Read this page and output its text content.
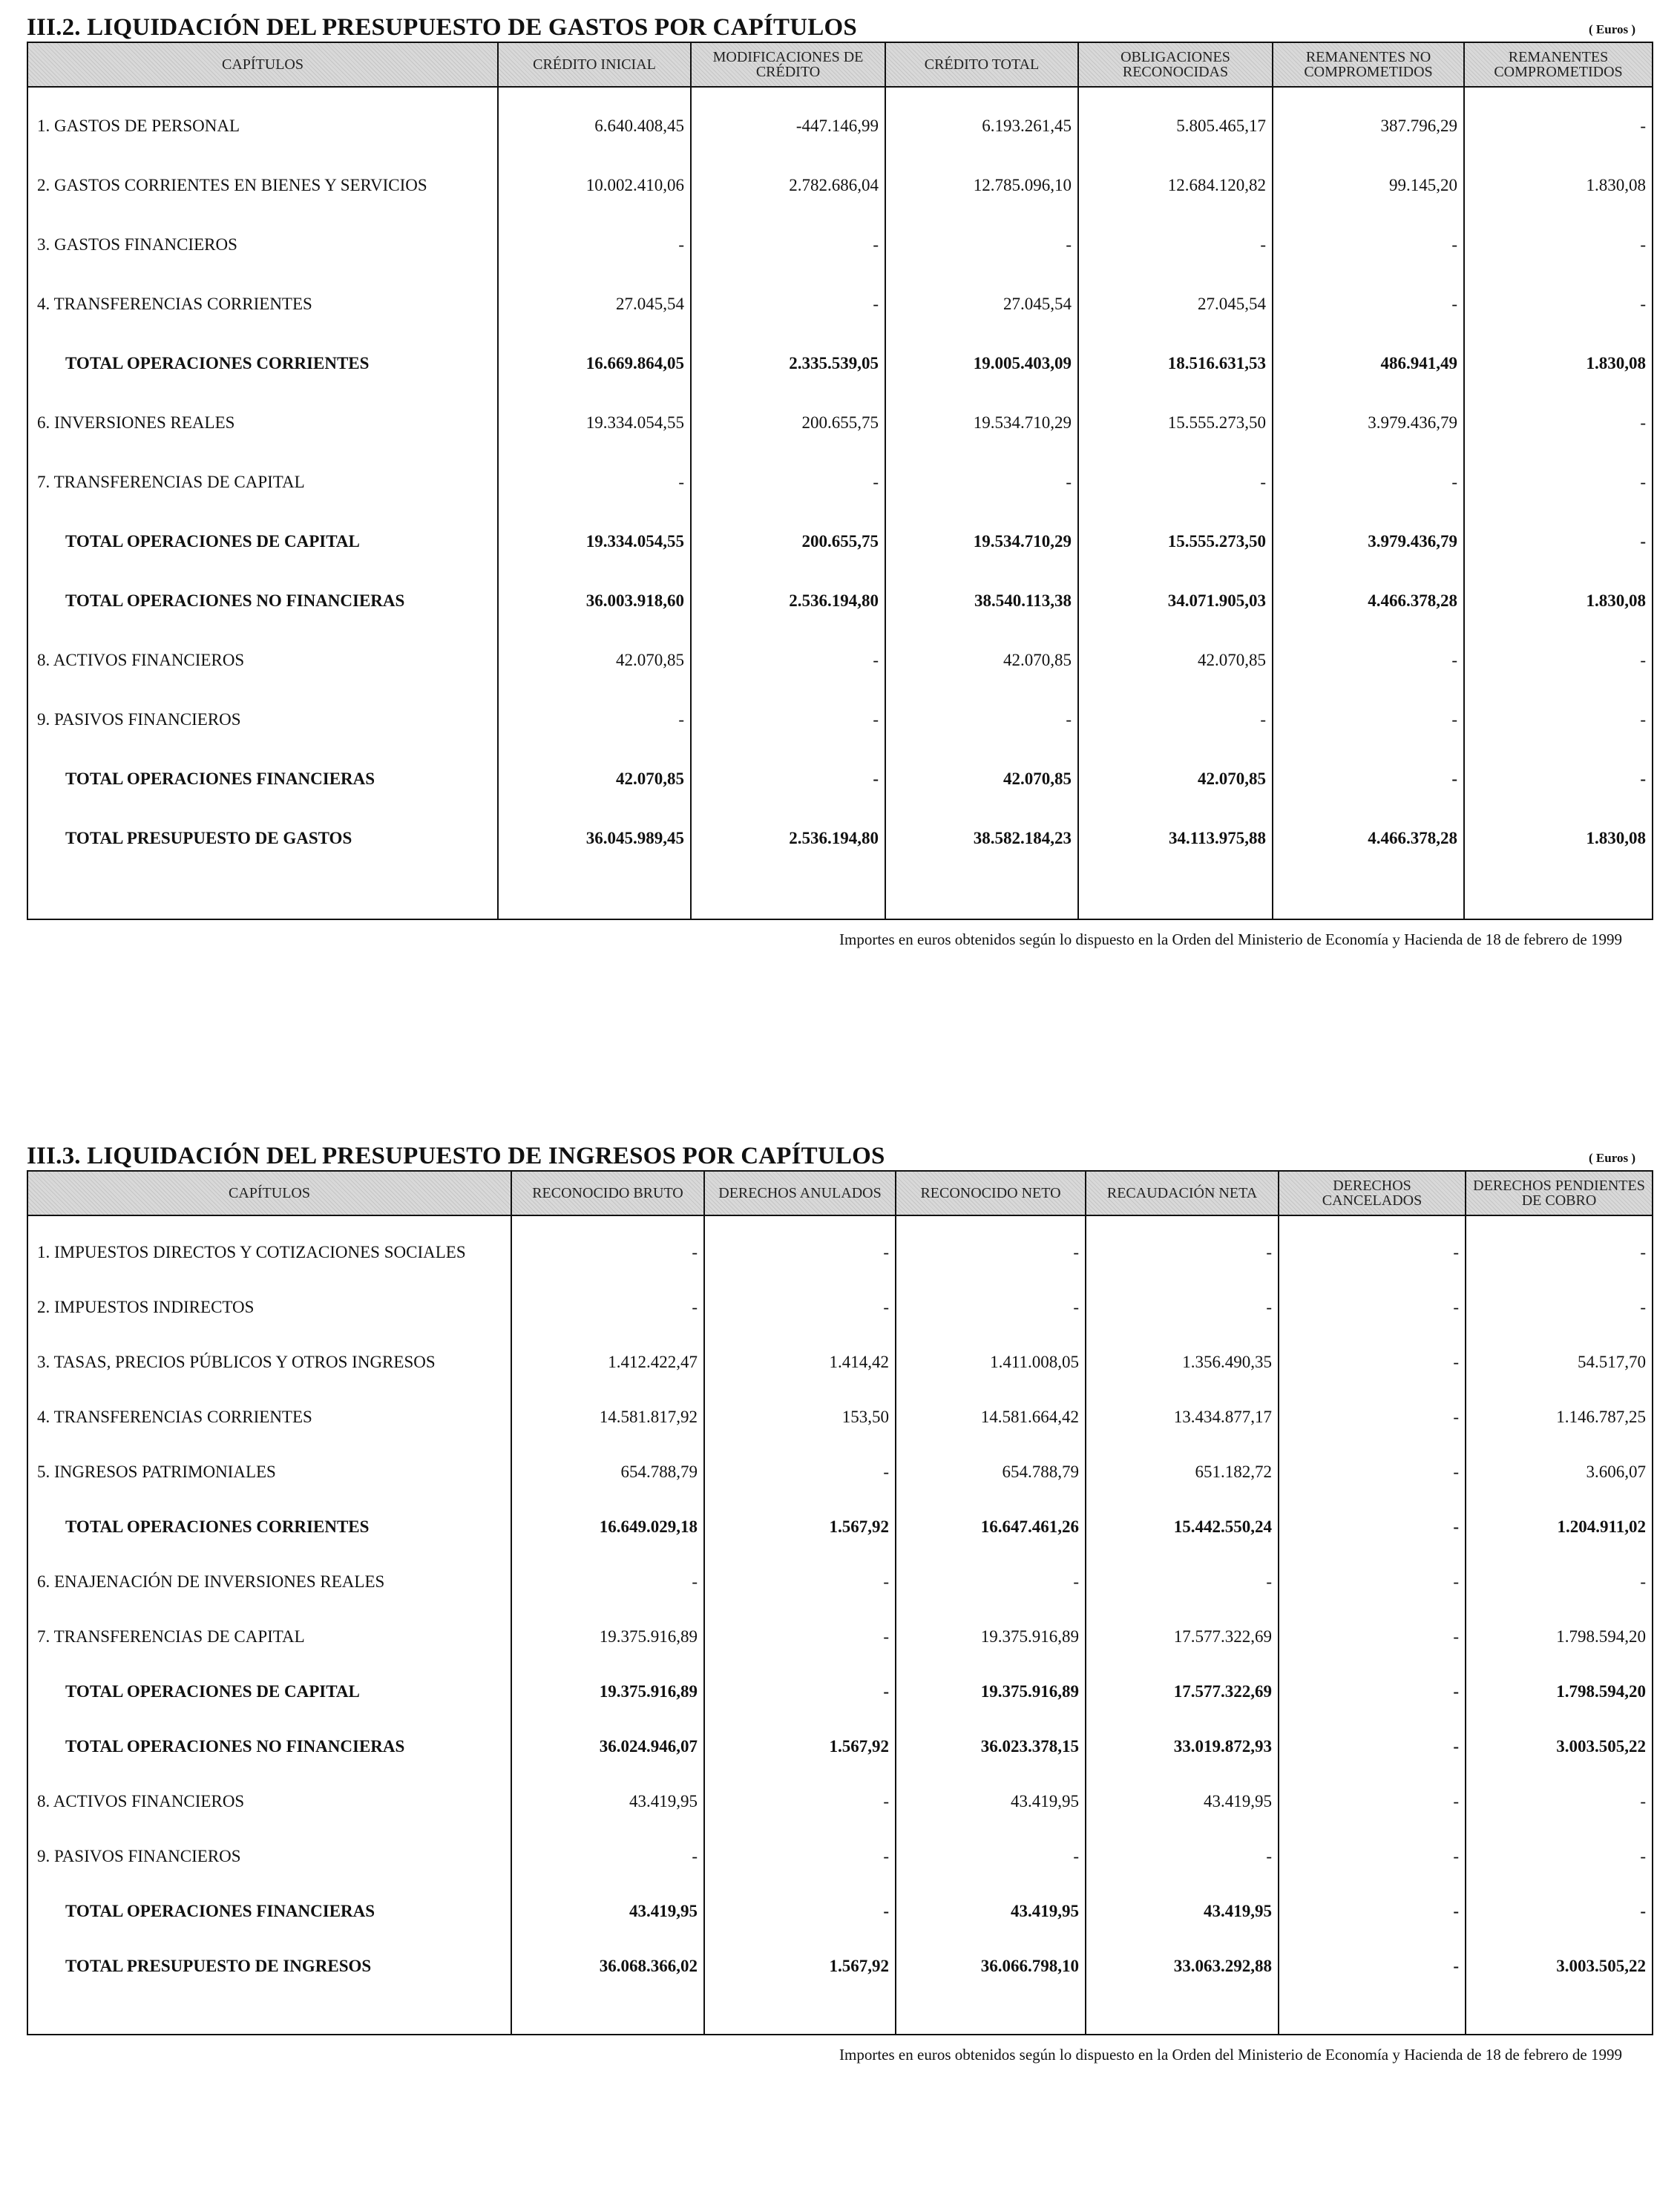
III.2. LIQUIDACIÓN DEL PRESUPUESTO DE GASTOS POR CAPÍTULOS	( Euros )
CAPÍTULOS	CRÉDITO INICIAL	MODIFICACIONES DE CRÉDITO	CRÉDITO TOTAL	OBLIGACIONES RECONOCIDAS	REMANENTES NO COMPROMETIDOS	REMANENTES COMPROMETIDOS

1. GASTOS DE PERSONAL	6.640.408,45	-447.146,99	6.193.261,45	5.805.465,17	387.796,29	-
2. GASTOS CORRIENTES EN BIENES Y SERVICIOS	10.002.410,06	2.782.686,04	12.785.096,10	12.684.120,82	99.145,20	1.830,08
3. GASTOS FINANCIEROS	-	-	-	-	-	-
4. TRANSFERENCIAS CORRIENTES	27.045,54	-	27.045,54	27.045,54	-	-
TOTAL OPERACIONES CORRIENTES	16.669.864,05	2.335.539,05	19.005.403,09	18.516.631,53	486.941,49	1.830,08
6. INVERSIONES REALES	19.334.054,55	200.655,75	19.534.710,29	15.555.273,50	3.979.436,79	-
7. TRANSFERENCIAS DE CAPITAL	-	-	-	-	-	-
TOTAL OPERACIONES DE CAPITAL	19.334.054,55	200.655,75	19.534.710,29	15.555.273,50	3.979.436,79	-
TOTAL OPERACIONES NO FINANCIERAS	36.003.918,60	2.536.194,80	38.540.113,38	34.071.905,03	4.466.378,28	1.830,08
8. ACTIVOS FINANCIEROS	42.070,85	-	42.070,85	42.070,85	-	-
9. PASIVOS FINANCIEROS	-	-	-	-	-	-
TOTAL OPERACIONES FINANCIERAS	42.070,85	-	42.070,85	42.070,85	-	-
TOTAL PRESUPUESTO DE GASTOS	36.045.989,45	2.536.194,80	38.582.184,23	34.113.975,88	4.466.378,28	1.830,08

Importes en euros obtenidos según lo dispuesto en la Orden del Ministerio de Economía y Hacienda de 18 de febrero de 1999
III.3. LIQUIDACIÓN DEL PRESUPUESTO DE INGRESOS POR CAPÍTULOS	( Euros )
CAPÍTULOS	RECONOCIDO BRUTO	DERECHOS ANULADOS	RECONOCIDO NETO	RECAUDACIÓN NETA	DERECHOS CANCELADOS	DERECHOS PENDIENTES DE COBRO

1. IMPUESTOS DIRECTOS Y COTIZACIONES SOCIALES	-	-	-	-	-	-
2. IMPUESTOS INDIRECTOS	-	-	-	-	-	-
3. TASAS, PRECIOS PÚBLICOS Y OTROS INGRESOS	1.412.422,47	1.414,42	1.411.008,05	1.356.490,35	-	54.517,70
4. TRANSFERENCIAS CORRIENTES	14.581.817,92	153,50	14.581.664,42	13.434.877,17	-	1.146.787,25
5. INGRESOS PATRIMONIALES	654.788,79	-	654.788,79	651.182,72	-	3.606,07
TOTAL OPERACIONES CORRIENTES	16.649.029,18	1.567,92	16.647.461,26	15.442.550,24	-	1.204.911,02
6. ENAJENACIÓN DE INVERSIONES REALES	-	-	-	-	-	-
7. TRANSFERENCIAS DE CAPITAL	19.375.916,89	-	19.375.916,89	17.577.322,69	-	1.798.594,20
TOTAL OPERACIONES DE CAPITAL	19.375.916,89	-	19.375.916,89	17.577.322,69	-	1.798.594,20
TOTAL OPERACIONES NO FINANCIERAS	36.024.946,07	1.567,92	36.023.378,15	33.019.872,93	-	3.003.505,22
8. ACTIVOS FINANCIEROS	43.419,95	-	43.419,95	43.419,95	-	-
9. PASIVOS FINANCIEROS	-	-	-	-	-	-
TOTAL OPERACIONES FINANCIERAS	43.419,95	-	43.419,95	43.419,95	-	-
TOTAL PRESUPUESTO DE INGRESOS	36.068.366,02	1.567,92	36.066.798,10	33.063.292,88	-	3.003.505,22

Importes en euros obtenidos según lo dispuesto en la Orden del Ministerio de Economía y Hacienda de 18 de febrero de 1999
